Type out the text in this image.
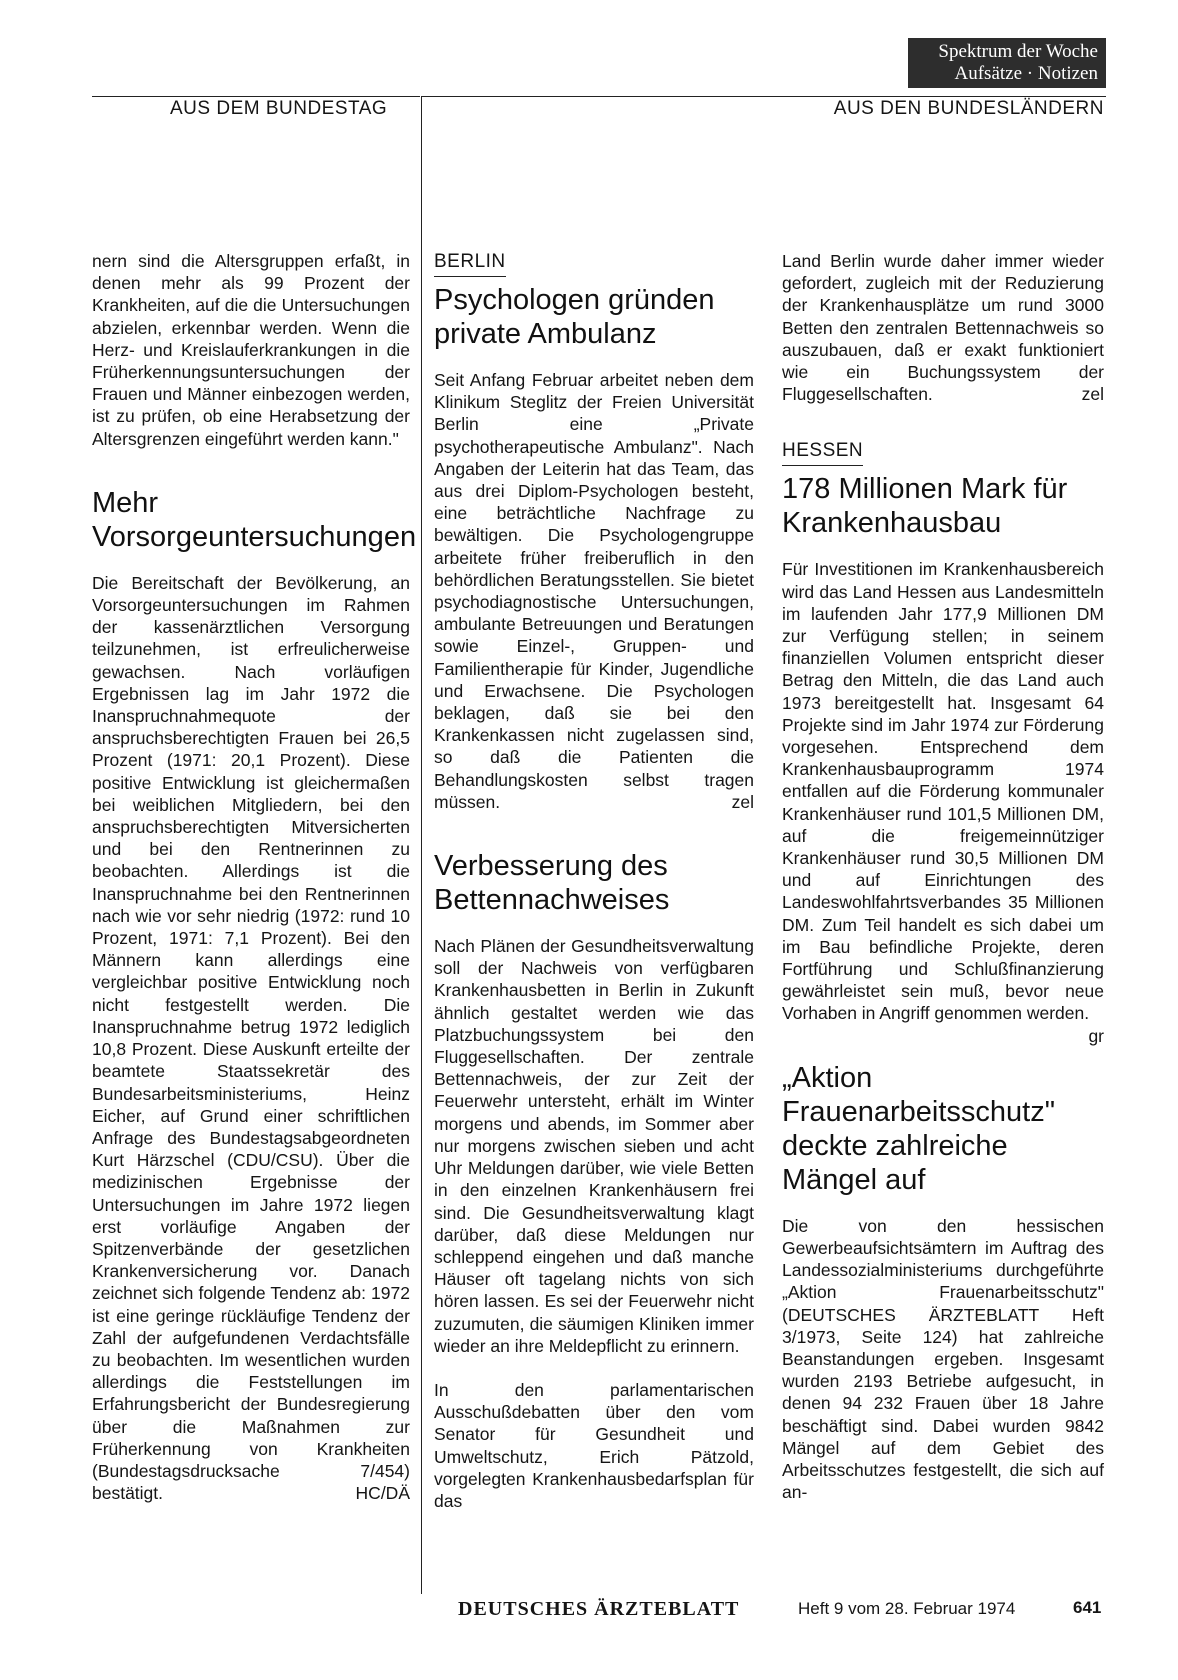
Spektrum der Woche
Aufsätze · Notizen
AUS DEM BUNDESTAG	AUS DEN BUNDESLÄNDERN

nern sind die Altersgruppen erfaßt, in denen mehr als 99 Prozent der Krankheiten, auf die die Untersuchungen abzielen, erkennbar werden. Wenn die Herz- und Kreislauferkrankungen in die Früherkennungsuntersuchungen der Frauen und Männer einbezogen werden, ist zu prüfen, ob eine Herabsetzung der Altersgrenzen eingeführt werden kann."

Mehr Vorsorgeuntersuchungen

Die Bereitschaft der Bevölkerung, an Vorsorgeuntersuchungen im Rahmen der kassenärztlichen Versorgung teilzunehmen, ist erfreulicherweise gewachsen. Nach vorläufigen Ergebnissen lag im Jahr 1972 die Inanspruchnahmequote der anspruchsberechtigten Frauen bei 26,5 Prozent (1971: 20,1 Prozent). Diese positive Entwicklung ist gleichermaßen bei weiblichen Mitgliedern, bei den anspruchsberechtigten Mitversicherten und bei den Rentnerinnen zu beobachten. Allerdings ist die Inanspruchnahme bei den Rentnerinnen nach wie vor sehr niedrig (1972: rund 10 Prozent, 1971: 7,1 Prozent). Bei den Männern kann allerdings eine vergleichbar positive Entwicklung noch nicht festgestellt werden. Die Inanspruchnahme betrug 1972 lediglich 10,8 Prozent. Diese Auskunft erteilte der beamtete Staatssekretär des Bundesarbeitsministeriums, Heinz Eicher, auf Grund einer schriftlichen Anfrage des Bundestagsabgeordneten Kurt Härzschel (CDU/CSU). Über die medizinischen Ergebnisse der Untersuchungen im Jahre 1972 liegen erst vorläufige Angaben der Spitzenverbände der gesetzlichen Krankenversicherung vor. Danach zeichnet sich folgende Tendenz ab: 1972 ist eine geringe rückläufige Tendenz der Zahl der aufgefundenen Verdachtsfälle zu beobachten. Im wesentlichen wurden allerdings die Feststellungen im Erfahrungsbericht der Bundesregierung über die Maßnahmen zur Früherkennung von Krankheiten (Bundestagsdrucksache 7/454) bestätigt.	HC/DÄ

BERLIN
Psychologen gründen private Ambulanz

Seit Anfang Februar arbeitet neben dem Klinikum Steglitz der Freien Universität Berlin eine „Private psychotherapeutische Ambulanz". Nach Angaben der Leiterin hat das Team, das aus drei Diplom-Psychologen besteht, eine beträchtliche Nachfrage zu bewältigen. Die Psychologengruppe arbeitete früher freiberuflich in den behördlichen Beratungsstellen. Sie bietet psychodiagnostische Untersuchungen, ambulante Betreuungen und Beratungen sowie Einzel-, Gruppen- und Familientherapie für Kinder, Jugendliche und Erwachsene. Die Psychologen beklagen, daß sie bei den Krankenkassen nicht zugelassen sind, so daß die Patienten die Behandlungskosten selbst tragen müssen.	zel

Verbesserung des Bettennachweises

Nach Plänen der Gesundheitsverwaltung soll der Nachweis von verfügbaren Krankenhausbetten in Berlin in Zukunft ähnlich gestaltet werden wie das Platzbuchungssystem bei den Fluggesellschaften. Der zentrale Bettennachweis, der zur Zeit der Feuerwehr untersteht, erhält im Winter morgens und abends, im Sommer aber nur morgens zwischen sieben und acht Uhr Meldungen darüber, wie viele Betten in den einzelnen Krankenhäusern frei sind. Die Gesundheitsverwaltung klagt darüber, daß diese Meldungen nur schleppend eingehen und daß manche Häuser oft tagelang nichts von sich hören lassen. Es sei der Feuerwehr nicht zuzumuten, die säumigen Kliniken immer wieder an ihre Meldepflicht zu erinnern.

In den parlamentarischen Ausschußdebatten über den vom Senator für Gesundheit und Umweltschutz, Erich Pätzold, vorgelegten Krankenhausbedarfsplan für das

Land Berlin wurde daher immer wieder gefordert, zugleich mit der Reduzierung der Krankenhausplätze um rund 3000 Betten den zentralen Bettennachweis so auszubauen, daß er exakt funktioniert wie ein Buchungssystem der Fluggesellschaften.	zel

HESSEN
178 Millionen Mark für Krankenhausbau

Für Investitionen im Krankenhausbereich wird das Land Hessen aus Landesmitteln im laufenden Jahr 177,9 Millionen DM zur Verfügung stellen; in seinem finanziellen Volumen entspricht dieser Betrag den Mitteln, die das Land auch 1973 bereitgestellt hat. Insgesamt 64 Projekte sind im Jahr 1974 zur Förderung vorgesehen. Entsprechend dem Krankenhausbauprogramm 1974 entfallen auf die Förderung kommunaler Krankenhäuser rund 101,5 Millionen DM, auf die freigemeinnütziger Krankenhäuser rund 30,5 Millionen DM und auf Einrichtungen des Landeswohlfahrtsverbandes 35 Millionen DM. Zum Teil handelt es sich dabei um im Bau befindliche Projekte, deren Fortführung und Schlußfinanzierung gewährleistet sein muß, bevor neue Vorhaben in Angriff genommen werden.
gr

„Aktion Frauenarbeitsschutz" deckte zahlreiche Mängel auf

Die von den hessischen Gewerbeaufsichtsämtern im Auftrag des Landessozialministeriums durchgeführte „Aktion Frauenarbeitsschutz" (DEUTSCHES ÄRZTEBLATT Heft 3/1973, Seite 124) hat zahlreiche Beanstandungen ergeben. Insgesamt wurden 2193 Betriebe aufgesucht, in denen 94 232 Frauen über 18 Jahre beschäftigt sind. Dabei wurden 9842 Mängel auf dem Gebiet des Arbeitsschutzes festgestellt, die sich auf an-

DEUTSCHES ÄRZTEBLATT	Heft 9 vom 28. Februar 1974	641
